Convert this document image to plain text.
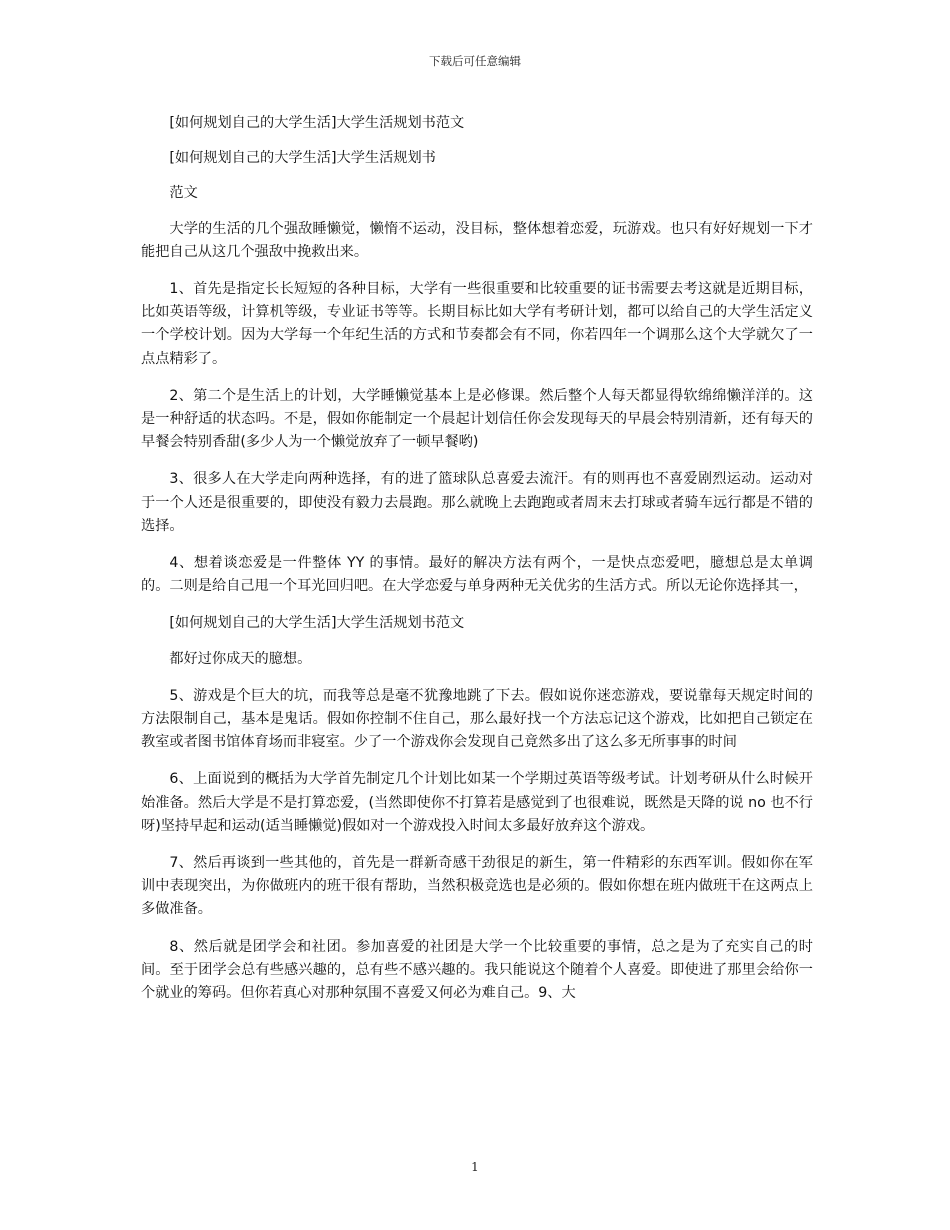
下载后可任意编辑

[如何规划自己的大学生活]大学生活规划书范文

[如何规划自己的大学生活]大学生活规划书

范文

大学的生活的几个强敌睡懒觉，懒惰不运动，没目标，整体想着恋爱，玩游戏。也只有好好规划一下才能把自己从这几个强敌中挽救出来。

1、首先是指定长长短短的各种目标，大学有一些很重要和比较重要的证书需要去考这就是近期目标，比如英语等级，计算机等级，专业证书等等。长期目标比如大学有考研计划，都可以给自己的大学生活定义一个学校计划。因为大学每一个年纪生活的方式和节奏都会有不同，你若四年一个调那么这个大学就欠了一点点精彩了。

2、第二个是生活上的计划，大学睡懒觉基本上是必修课。然后整个人每天都显得软绵绵懒洋洋的。这是一种舒适的状态吗。不是，假如你能制定一个晨起计划信任你会发现每天的早晨会特别清新，还有每天的早餐会特别香甜(多少人为一个懒觉放弃了一顿早餐哟)

3、很多人在大学走向两种选择，有的进了篮球队总喜爱去流汗。有的则再也不喜爱剧烈运动。运动对于一个人还是很重要的，即使没有毅力去晨跑。那么就晚上去跑跑或者周末去打球或者骑车远行都是不错的选择。

4、想着谈恋爱是一件整体 YY 的事情。最好的解决方法有两个，一是快点恋爱吧，臆想总是太单调的。二则是给自己甩一个耳光回归吧。在大学恋爱与单身两种无关优劣的生活方式。所以无论你选择其一，

[如何规划自己的大学生活]大学生活规划书范文

都好过你成天的臆想。

5、游戏是个巨大的坑，而我等总是毫不犹豫地跳了下去。假如说你迷恋游戏，要说靠每天规定时间的方法限制自己，基本是鬼话。假如你控制不住自己，那么最好找一个方法忘记这个游戏，比如把自己锁定在教室或者图书馆体育场而非寝室。少了一个游戏你会发现自己竟然多出了这么多无所事事的时间

6、上面说到的概括为大学首先制定几个计划比如某一个学期过英语等级考试。计划考研从什么时候开始准备。然后大学是不是打算恋爱，(当然即使你不打算若是感觉到了也很难说，既然是天降的说 no 也不行呀)坚持早起和运动(适当睡懒觉)假如对一个游戏投入时间太多最好放弃这个游戏。

7、然后再谈到一些其他的，首先是一群新奇感干劲很足的新生，第一件精彩的东西军训。假如你在军训中表现突出，为你做班内的班干很有帮助，当然积极竞选也是必须的。假如你想在班内做班干在这两点上多做准备。

8、然后就是团学会和社团。参加喜爱的社团是大学一个比较重要的事情，总之是为了充实自己的时间。至于团学会总有些感兴趣的，总有些不感兴趣的。我只能说这个随着个人喜爱。即使进了那里会给你一个就业的筹码。但你若真心对那种氛围不喜爱又何必为难自己。9、大

1
